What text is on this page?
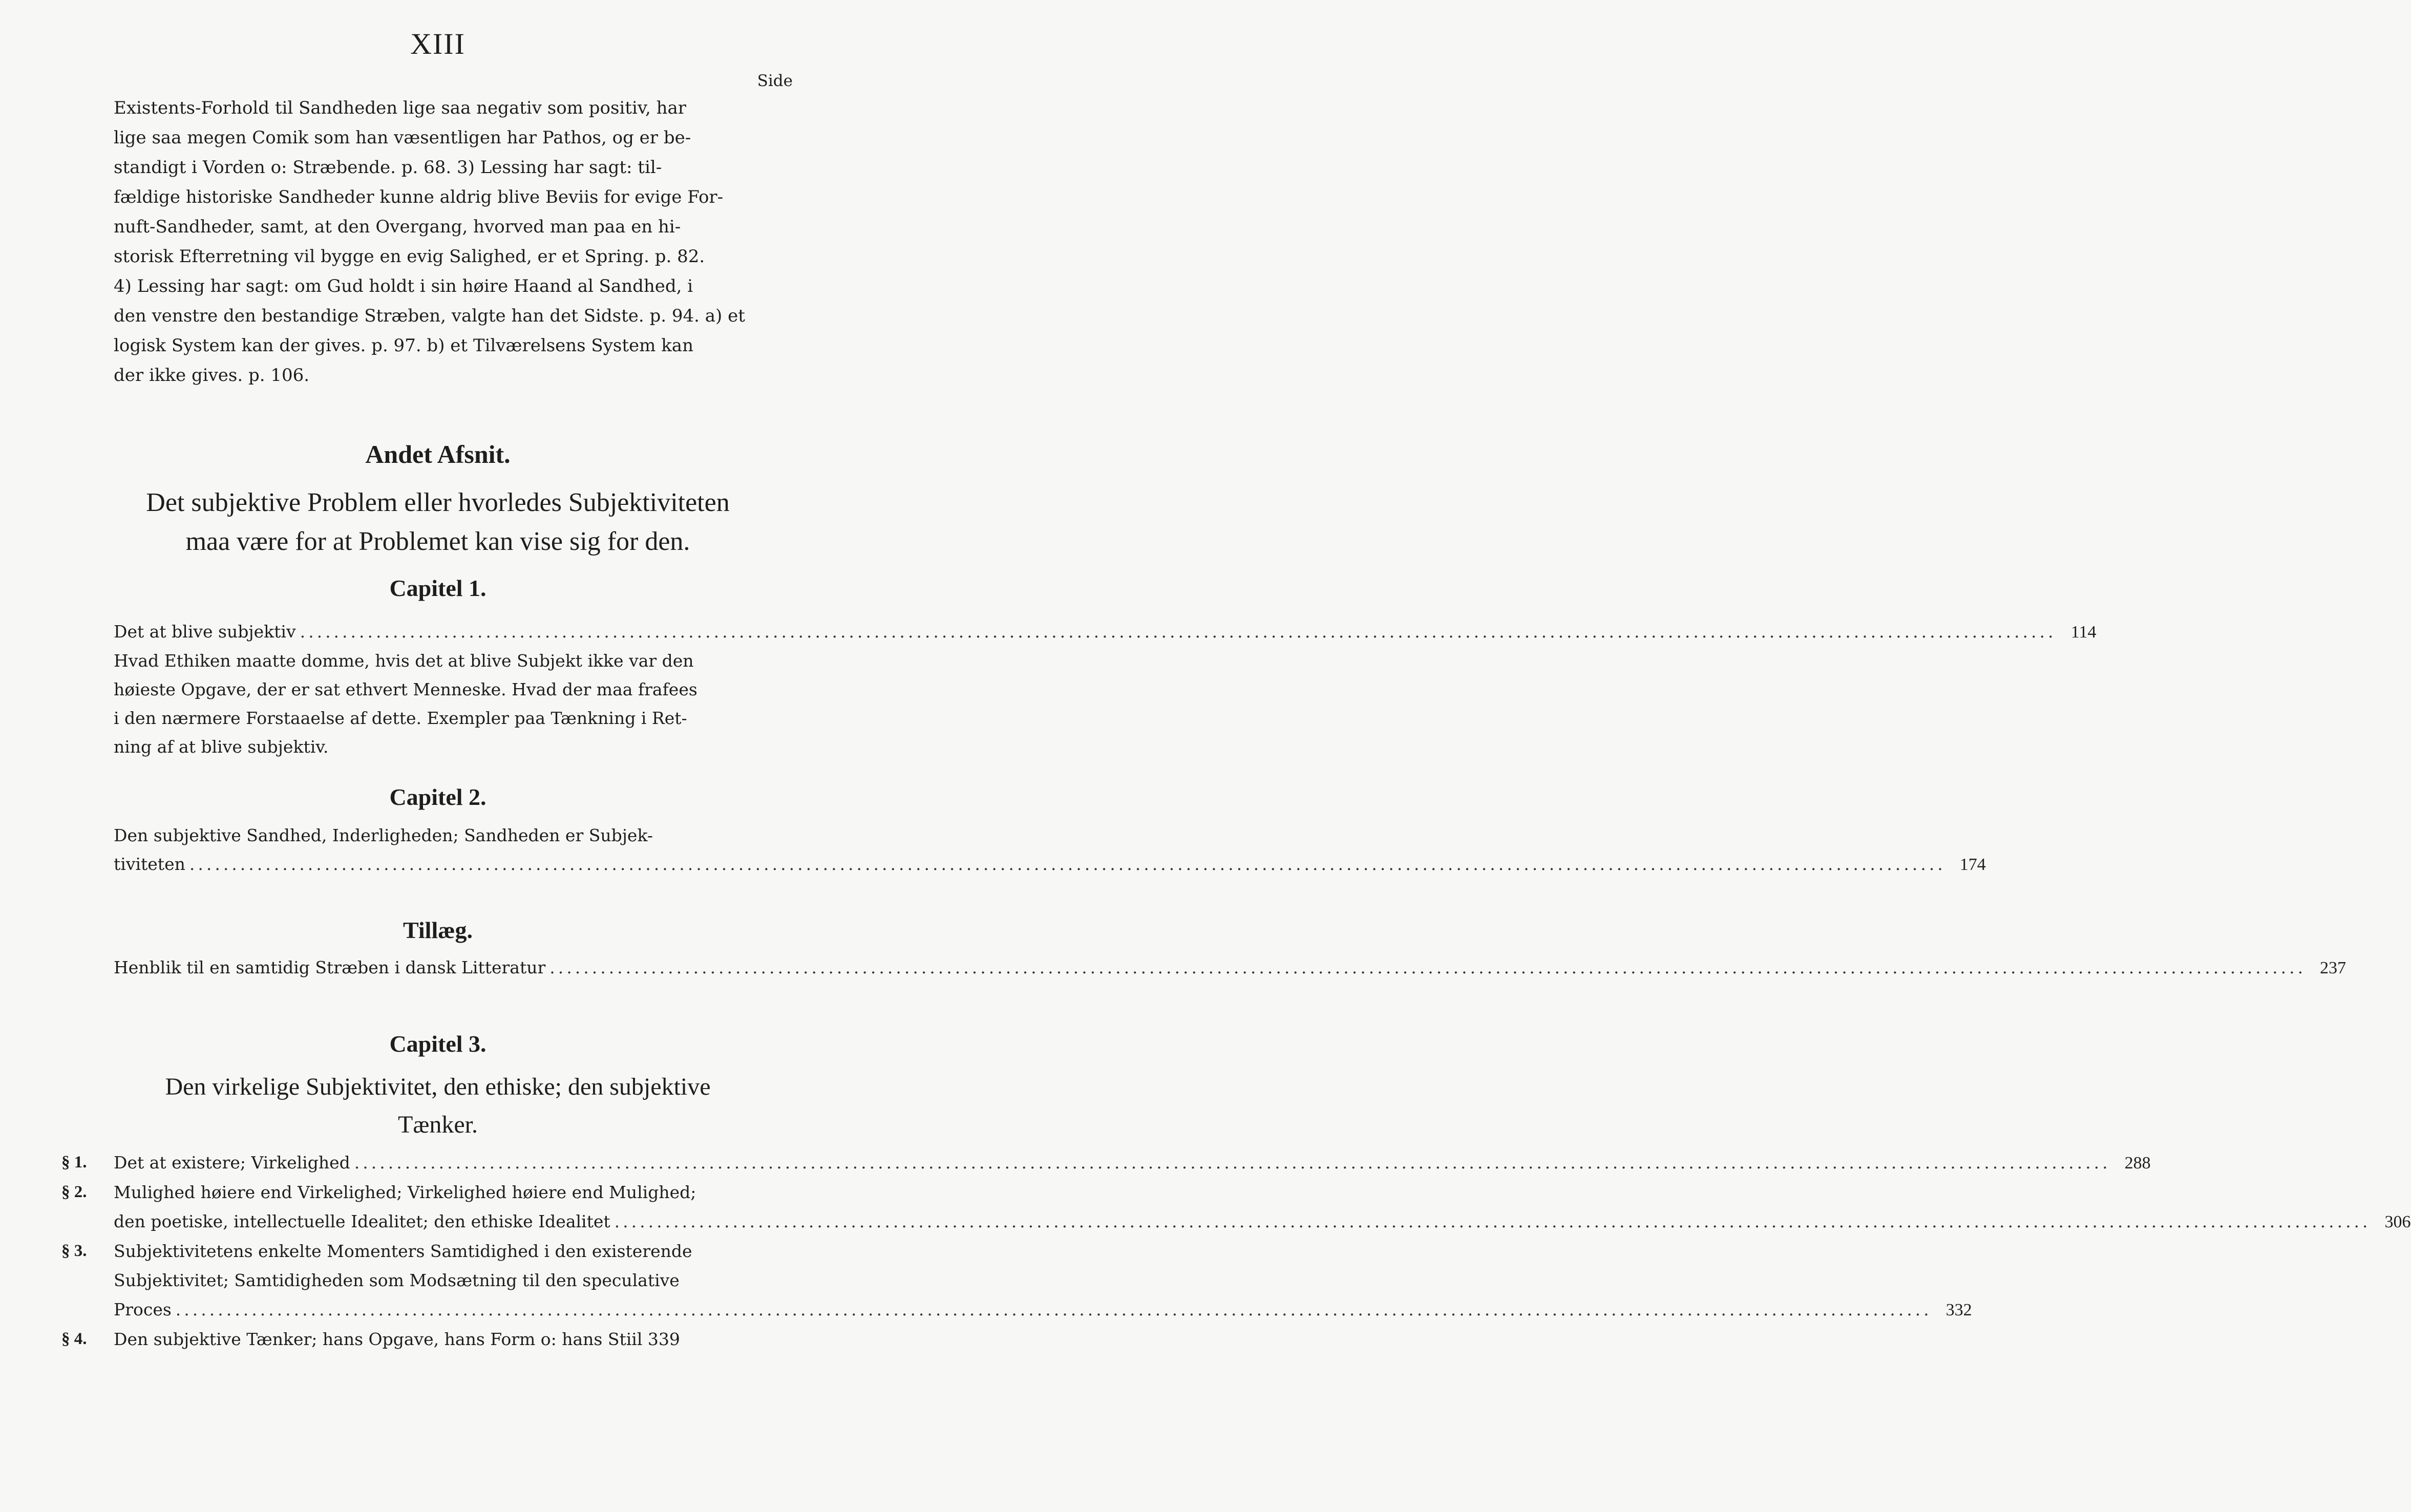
XIII
Side
Existents-Forhold til Sandheden lige saa negativ som positiv, har
lige saa megen Comik som han væsentligen har Pathos, og er be-
standigt i Vorden o: Stræbende. p. 68. 3) Lessing har sagt: til-
fældige historiske Sandheder kunne aldrig blive Beviis for evige For-
nuft-Sandheder, samt, at den Overgang, hvorved man paa en hi-
storisk Efterretning vil bygge en evig Salighed, er et Spring. p. 82.
4) Lessing har sagt: om Gud holdt i sin høire Haand al Sandhed, i
den venstre den bestandige Stræben, valgte han det Sidste. p. 94. a) et
logisk System kan der gives. p. 97. b) et Tilværelsens System kan
der ikke gives. p. 106.
Andet Afsnit.
Det subjektive Problem eller hvorledes Subjektiviteten
maa være for at Problemet kan vise sig for den.
Capitel 1.
Det at blive subjektiv .....	114
Hvad Ethiken maatte domme, hvis det at blive Subjekt ikke var den
høieste Opgave, der er sat ethvert Menneske. Hvad der maa frafees
i den nærmere Forstaaelse af dette. Exempler paa Tænkning i Ret-
ning af at blive subjektiv.
Capitel 2.
Den subjektive Sandhed, Inderligheden; Sandheden er Subjek-
tiviteten .....	174
Tillæg.
Henblik til en samtidig Stræben i dansk Litteratur .....	237
Capitel 3.
Den virkelige Subjektivitet, den ethiske; den subjektive
Tænker.
§ 1.	Det at existere; Virkelighed .....	288
§ 2.	Mulighed høiere end Virkelighed; Virkelighed høiere end Mulighed;
den poetiske, intellectuelle Idealitet; den ethiske Idealitet .....	306
§ 3.	Subjektivitetens enkelte Momenters Samtidighed i den existerende
Subjektivitet; Samtidigheden som Modsætning til den speculative
Proces .....	332
§ 4.	Den subjektive Tænker; hans Opgave, hans Form o: hans Stiil 339
